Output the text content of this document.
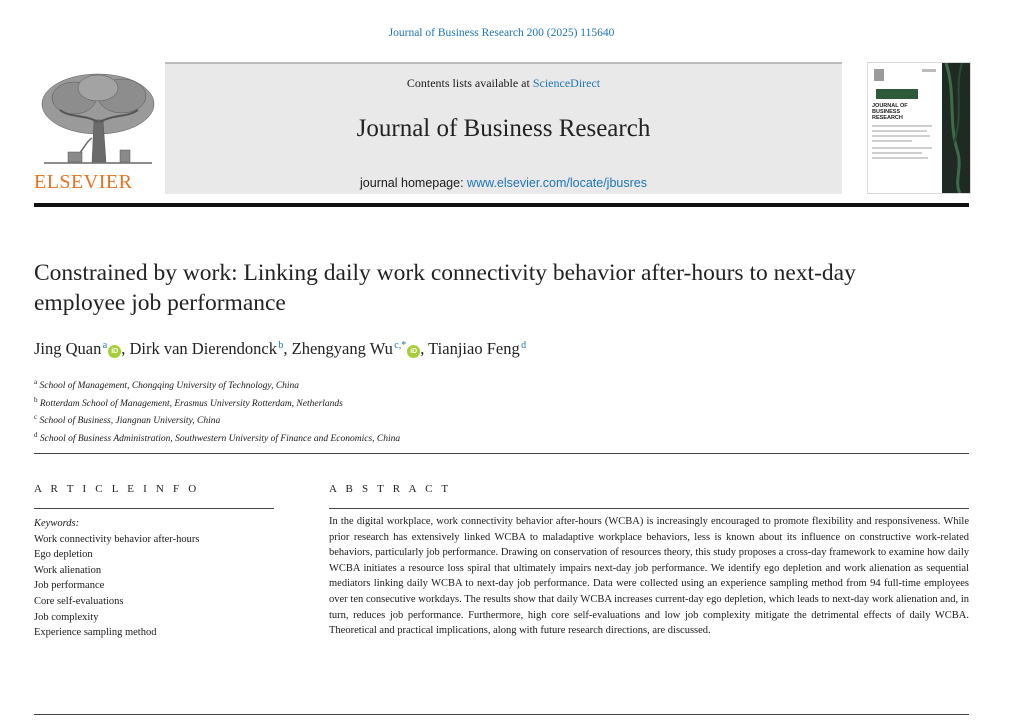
Journal of Business Research 200 (2025) 115640
ELSEVIER
Contents lists available at ScienceDirect
Journal of Business Research
journal homepage: www.elsevier.com/locate/jbusres
JOURNAL OF
BUSINESS
RESEARCH
Constrained by work: Linking daily work connectivity behavior after-hours to next-day employee job performance
Jing Quan $^a$iD , Dirk van Dierendonck $^b$, Zhengyang Wu $^{c,*}$iD , Tianjiao Feng $^d$
$^a$ School of Management, Chongqing University of Technology, China
$^b$ Rotterdam School of Management, Erasmus University Rotterdam, Netherlands
$^c$ School of Business, Jiangnan University, China
$^d$ School of Business Administration, Southwestern University of Finance and Economics, China
A R T I C L E I N F O
Keywords:
Work connectivity behavior after-hours
Ego depletion
Work alienation
Job performance
Core self-evaluations
Job complexity
Experience sampling method
A B S T R A C T

In the digital workplace, work connectivity behavior after-hours (WCBA) is increasingly encouraged to promote flexibility and responsiveness. While prior research has extensively linked WCBA to maladaptive workplace behaviors, less is known about its influence on constructive work-related behaviors, particularly job performance. Drawing on conservation of resources theory, this study proposes a cross-day framework to examine how daily WCBA initiates a resource loss spiral that ultimately impairs next-day job performance. We identify ego depletion and work alienation as sequential mediators linking daily WCBA to next-day job performance. Data were collected using an experience sampling method from 94 full-time employees over ten consecutive workdays. The results show that daily WCBA increases current-day ego depletion, which leads to next-day work alienation and, in turn, reduces job performance. Furthermore, high core self-evaluations and low job complexity mitigate the detrimental effects of daily WCBA. Theoretical and practical implications, along with future research directions, are discussed.
